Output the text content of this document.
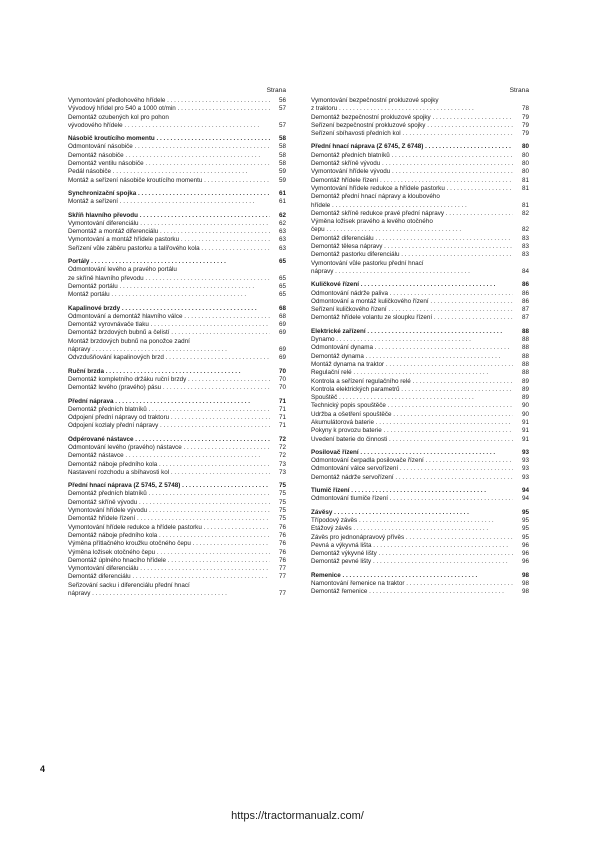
Strana
Vymontování předlohového hřídele . . .	56
Vývodový hřídel pro 540 a 1000 ot/min . . .	57
Demontáž ozubených kol pro pohon
vývodového hřídele . . .	57
Násobič kroutícího momentu . . .	58
Odmontování násobiče . . .	58
Demontáž násobiče . . .	58
Demontáž ventilu násobiče . . .	58
Pedál násobiče . . .	59
Montáž a seřízení násobiče kroutícího momentu . . .	59
Synchronizační spojka . . .	61
Montáž a seřízení . . .	61
Skříň hlavního převodu . . .	62
Vymontování diferenciálu . . .	62
Demontáž a montáž diferenciálu . . .	63
Vymontování a montáž hřídele pastorku . . .	63
Seřízení vůle záběru pastorku a talířového kola . . .	63
Portály . . .	65
Odmontování levého a pravého portálu
ze skříně hlavního převodu . . .	65
Demontáž portálu . . .	65
Montáž portálu . . .	65
Kapalinové brzdy . . .	68
Odmontování a demontáž hlavního válce . . .	68
Demontáž vyrovnávače tlaku . . .	69
Demontáž brzdových bubnů a čelistí . . .	69
Montáž brzdových bubnů na ponožce zadní
nápravy . . .	69
Odvzdušňování kapalinových brzd . . .	69
Ruční brzda . . .	70
Demontáž kompletního držáku ruční brzdy . . .	70
Demontáž levého (pravého) pásu . . .	70
Přední náprava . . .	71
Demontáž předních blatníků . . .	71
Odpojení přední nápravy od traktoru . . .	71
Odpojení kozlaly přední nápravy . . .	71
Odpérované nástavce . . .	72
Odmontování levého (pravého) nástavce . . .	72
Demontáž nástavce . . .	72
Demontáž náboje předního kola . . .	73
Nastavení rozchodu a sbíhavosti kol . . .	73
Přední hnací náprava (Z 5745, Z 5748) . . .	75
Demontáž předních blatníků . . .	75
Demontáž skříně vývodu . . .	75
Vymontování hřídele vývodu . . .	75
Demontáž hřídele řízení . . .	75
Vymontování hřídele redukce a hřídele pastorku . . .	76
Demontáž náboje předního kola . . .	76
Výměna přítlačného kroužku otočného čepu . . .	76
Výměna ložisek otočného čepu . . .	76
Demontáž úplného hnacího hřídele . . .	76
Vymontování diferenciálu . . .	77
Demontáž diferenciálu . . .	77
Seřizování sacku i diferenciálu přední hnací
nápravy . . .	77
Strana
Vymontování bezpečnostní prokluzové spojky
z traktoru . . .	78
Demontáž bezpečnostní prokluzové spojky . . .	79
Seřízení bezpečnostní prokluzové spojky . . .	79
Seřízení sbíhavosti předních kol . . .	79
Přední hnací náprava (Z 6745, Z 6748) . . .	80
Demontáž předních blatníků . . .	80
Demontáž skříně vývodu . . .	80
Vymontování hřídele vývodu . . .	80
Demontáž hřídele řízení . . .	81
Vymontování hřídele redukce a hřídele pastorku . . .	81
Demontáž přední hnací nápravy a kloubového
hřídele . . .	81
Demontáž skříně redukce pravé přední nápravy . . .	82
Výměna ložisek pravého a levého otočného
čepu . . .	82
Demontáž diferenciálu . . .	83
Demontáž tělesa nápravy . . .	83
Demontáž pastorku diferenciálu . . .	83
Vymontování vůle pastorku přední hnací
nápravy . . .	84
Kuličkové řízení . . .	86
Odmontování nádrže paliva . . .	86
Odmontování a montáž kuličkového řízení . . .	86
Seřízení kuličkového řízení . . .	87
Demontáž hřídele volantu ze sloupku řízení . . .	87
Elektrické zařízení . . .	88
Dynamo . . .	88
Odmontování dynama . . .	88
Demontáž dynama . . .	88
Montáž dynama na traktor . . .	88
Regulační relé . . .	88
Kontrola a seřízení regulačního relé . . .	89
Kontrola elektrických parametrů . . .	89
Spouštěč . . .	89
Technický popis spouštěče . . .	90
Údržba a ošetření spouštěče . . .	90
Akumulátorová baterie . . .	91
Pokyny k provozu baterie . . .	91
Uvedení baterie do činnosti . . .	91
Posilovač řízení . . .	93
Odmontování čerpadla posilovače řízení . . .	93
Odmontování válce servořízení . . .	93
Demontáž nádrže servořízení . . .	93
Tlumič řízení . . .	94
Odmontování tlumiče řízení . . .	94
Závěsy . . .	95
Třípodový závěs . . .	95
Etážový závěs . . .	95
Závěs pro jednonápravový přívěs . . .	95
Pevná a výkyvná lišta . . .	96
Demontáž výkyvné lišty . . .	96
Demontáž pevné lišty . . .	96
Řemenice . . .	98
Namontování řemenice na traktor . . .	98
Demontáž řemenice . . .	98
4
https://tractormanualz.com/
